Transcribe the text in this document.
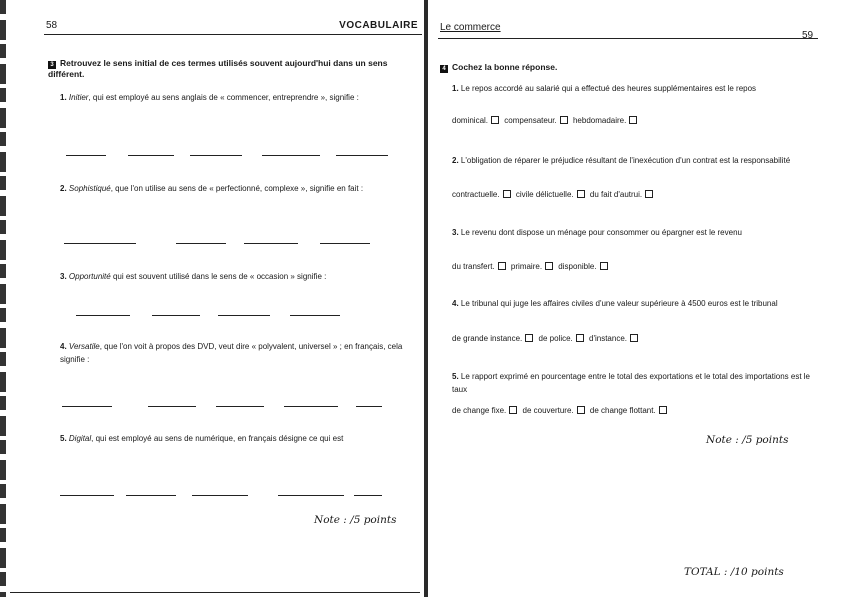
58	VOCABULAIRE
3 Retrouvez le sens initial de ces termes utilisés souvent aujourd'hui dans un sens différent.
1. Initier, qui est employé au sens anglais de « commencer, entreprendre », signifie :
2. Sophistiqué, que l'on utilise au sens de « perfectionné, complexe », signifie en fait :
3. Opportunité qui est souvent utilisé dans le sens de « occasion » signifie :
4. Versatile, que l'on voit à propos des DVD, veut dire « polyvalent, universel » ; en français, cela signifie :
5. Digital, qui est employé au sens de numérique, en français désigne ce qui est
Note : /5 points
Le commerce
59
4 Cochez la bonne réponse.
1. Le repos accordé au salarié qui a effectué des heures supplémentaires est le repos
dominical. compensateur. hebdomadaire.
2. L'obligation de réparer le préjudice résultant de l'inexécution d'un contrat est la responsabilité
contractuelle. civile délictuelle. du fait d'autrui.
3. Le revenu dont dispose un ménage pour consommer ou épargner est le revenu
du transfert. primaire. disponible.
4. Le tribunal qui juge les affaires civiles d'une valeur supérieure à 4500 euros est le tribunal
de grande instance. de police. d'instance.
5. Le rapport exprimé en pourcentage entre le total des exportations et le total des importations est le taux
de change fixe. de couverture. de change flottant.
Note : /5 points
TOTAL : /10 points
